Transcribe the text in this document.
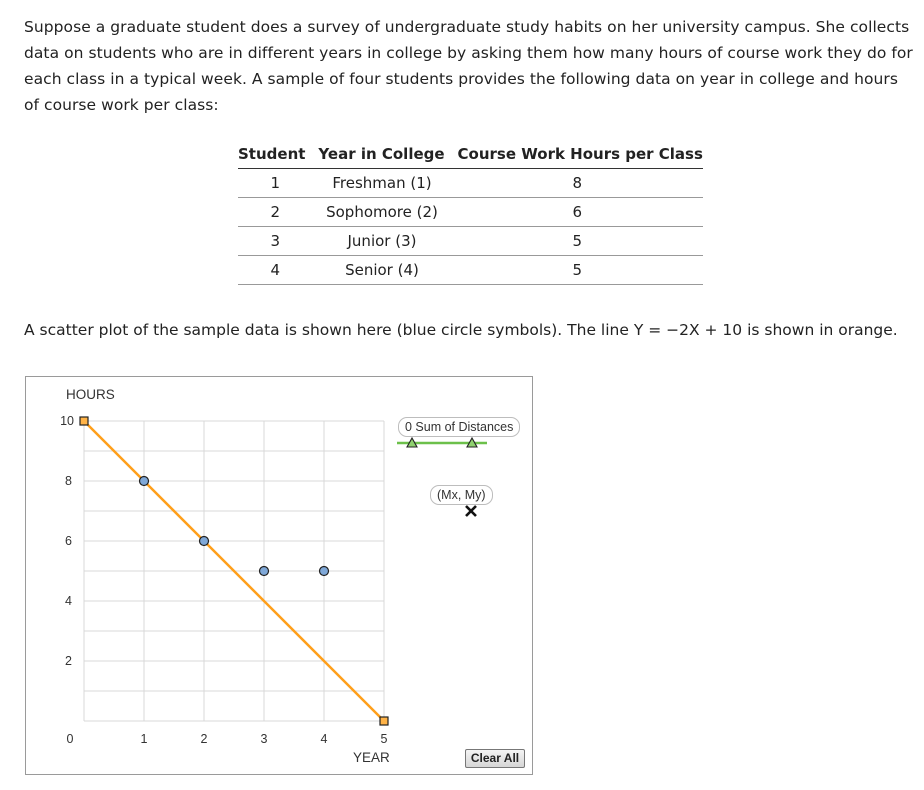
Suppose a graduate student does a survey of undergraduate study habits on her university campus. She collects data on students who are in different years in college by asking them how many hours of course work they do for each class in a typical week. A sample of four students provides the following data on year in college and hours of course work per class:
Student	Year in College	Course Work Hours per Class
1	Freshman (1)	8
2	Sophomore (2)	6
3	Junior (3)	5
4	Senior (4)	5
A scatter plot of the sample data is shown here (blue circle symbols). The line Y = −2X + 10 is shown in orange.
0	1	2	3	4	5
2
4
6
8
10
HOURS
YEAR
0 Sum of Distances
(Mx, My)
Clear All
